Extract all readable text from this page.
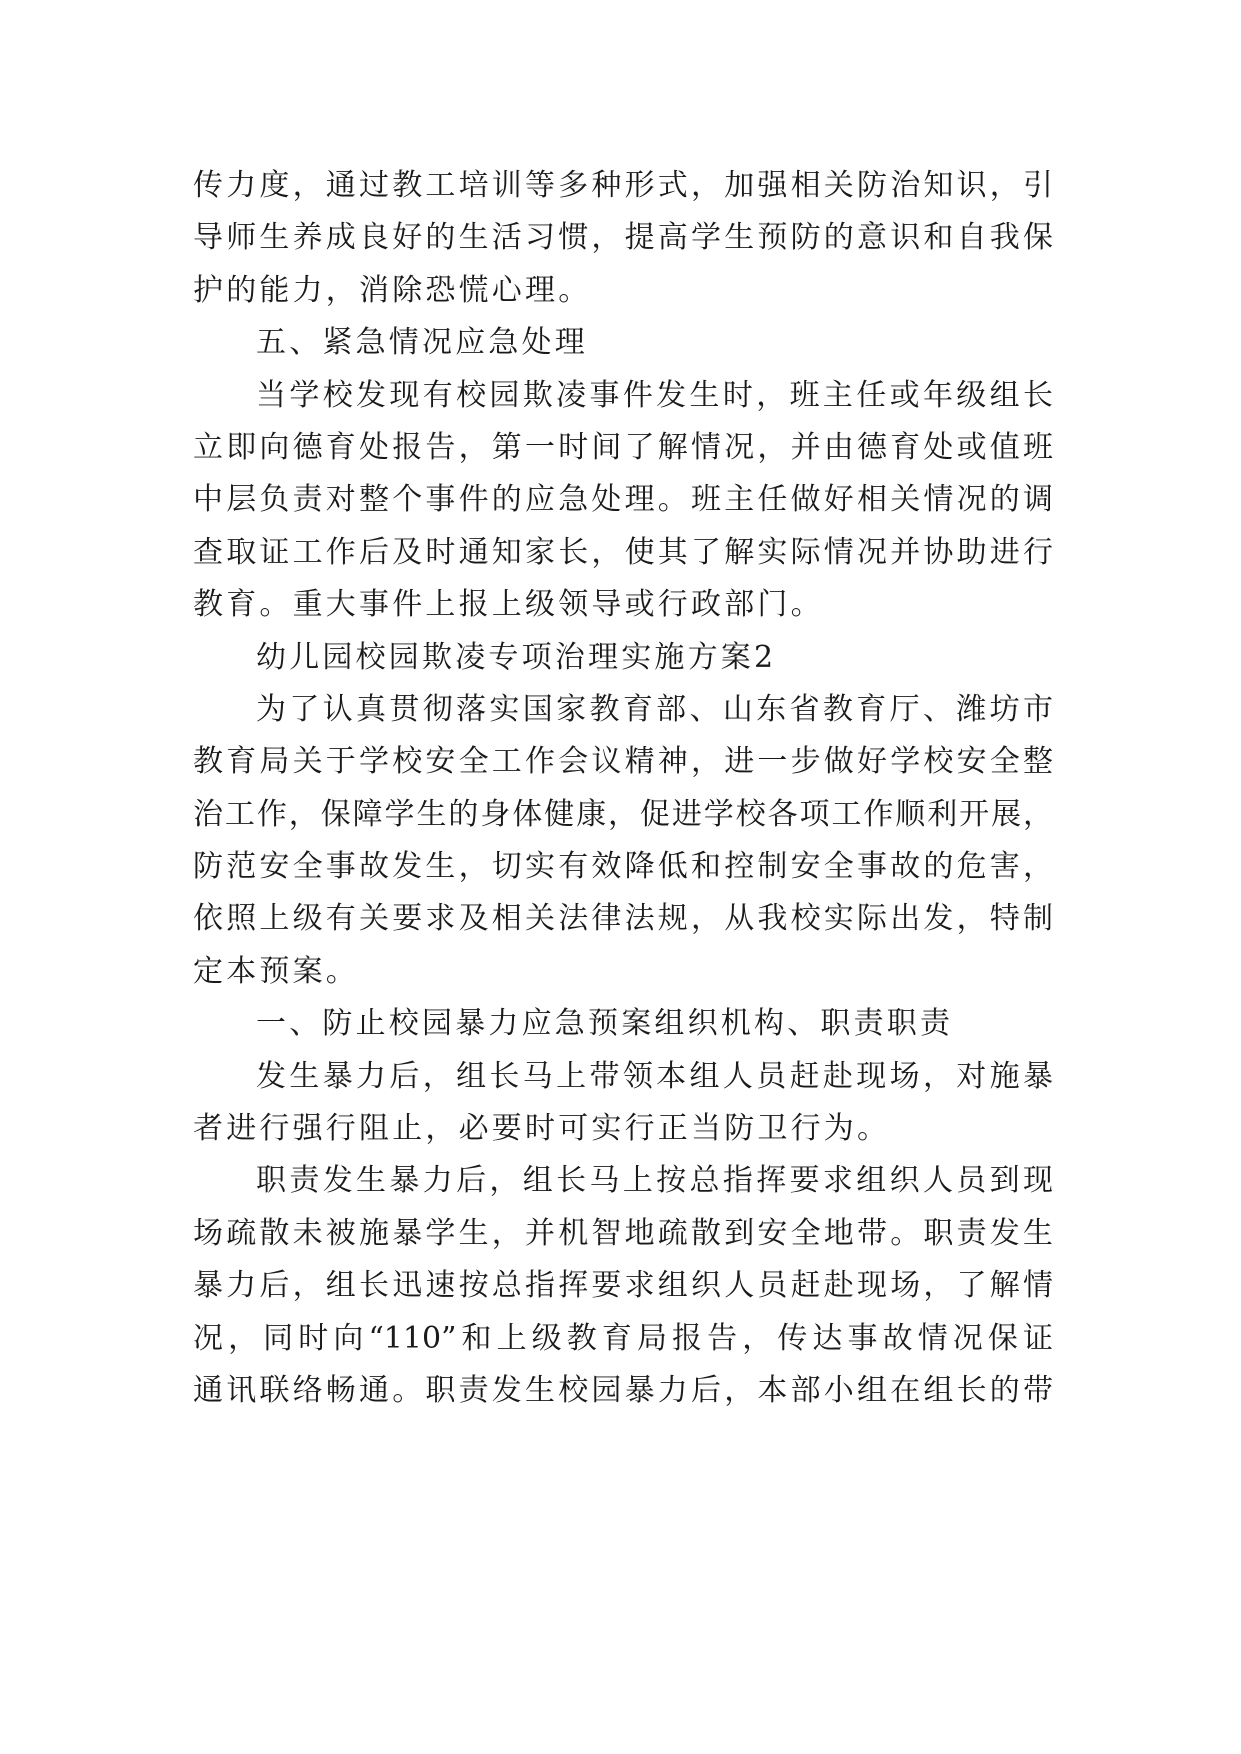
传力度，通过教工培训等多种形式，加强相关防治知识，引
导师生养成良好的生活习惯，提高学生预防的意识和自我保
护的能力，消除恐慌心理。
五、紧急情况应急处理
当学校发现有校园欺凌事件发生时，班主任或年级组长
立即向德育处报告，第一时间了解情况，并由德育处或值班
中层负责对整个事件的应急处理。班主任做好相关情况的调
查取证工作后及时通知家长，使其了解实际情况并协助进行
教育。重大事件上报上级领导或行政部门。
幼儿园校园欺凌专项治理实施方案2
为了认真贯彻落实国家教育部、山东省教育厅、潍坊市
教育局关于学校安全工作会议精神，进一步做好学校安全整
治工作，保障学生的身体健康，促进学校各项工作顺利开展，
防范安全事故发生，切实有效降低和控制安全事故的危害，
依照上级有关要求及相关法律法规，从我校实际出发，特制
定本预案。
一、防止校园暴力应急预案组织机构、职责职责
发生暴力后，组长马上带领本组人员赶赴现场，对施暴
者进行强行阻止，必要时可实行正当防卫行为。
职责发生暴力后，组长马上按总指挥要求组织人员到现
场疏散未被施暴学生，并机智地疏散到安全地带。职责发生
暴力后，组长迅速按总指挥要求组织人员赶赴现场，了解情
况，同时向“110”和上级教育局报告，传达事故情况保证
通讯联络畅通。职责发生校园暴力后，本部小组在组长的带
